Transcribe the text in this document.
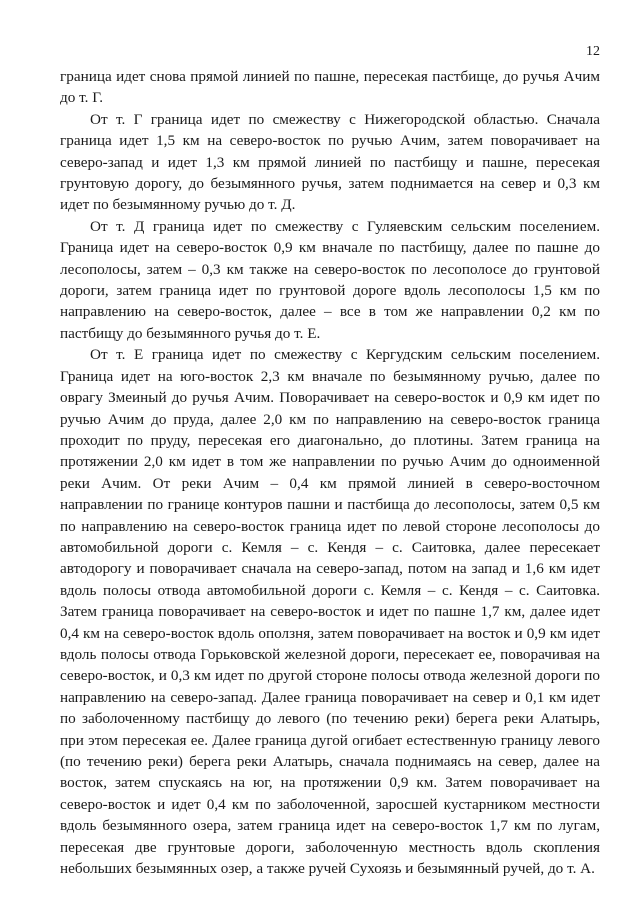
12

граница идет снова прямой линией по пашне, пересекая пастбище, до ручья Ачим до т. Г.

От т. Г граница идет по смежеству с Нижегородской областью. Сначала граница идет 1,5 км на северо-восток по ручью Ачим, затем поворачивает на северо-запад и идет 1,3 км прямой линией по пастбищу и пашне, пересекая грунтовую дорогу, до безымянного ручья, затем поднимается на север и 0,3 км идет по безымянному ручью до т. Д.

От т. Д граница идет по смежеству с Гуляевским сельским поселением. Граница идет на северо-восток 0,9 км вначале по пастбищу, далее по пашне до лесополосы, затем – 0,3 км также на северо-восток по лесополосе до грунтовой дороги, затем граница идет по грунтовой дороге вдоль лесополосы 1,5 км по направлению на северо-восток, далее – все в том же направлении 0,2 км по пастбищу до безымянного ручья до т. Е.

От т. Е граница идет по смежеству с Кергудским сельским поселением. Граница идет на юго-восток 2,3 км вначале по безымянному ручью, далее по оврагу Змеиный до ручья Ачим. Поворачивает на северо-восток и 0,9 км идет по ручью Ачим до пруда, далее 2,0 км по направлению на северо-восток граница проходит по пруду, пересекая его диагонально, до плотины. Затем граница на протяжении 2,0 км идет в том же направлении по ручью Ачим до одноименной реки Ачим. От реки Ачим – 0,4 км прямой линией в северо-восточном направлении по границе контуров пашни и пастбища до лесополосы, затем 0,5 км по направлению на северо-восток граница идет по левой стороне лесополосы до автомобильной дороги с. Кемля – с. Кендя – с. Саитовка, далее пересекает автодорогу и поворачивает сначала на северо-запад, потом на запад и 1,6 км идет вдоль полосы отвода автомобильной дороги с. Кемля – с. Кендя – с. Саитовка. Затем граница поворачивает на северо-восток и идет по пашне 1,7 км, далее идет 0,4 км на северо-восток вдоль оползня, затем поворачивает на восток и 0,9 км идет вдоль полосы отвода Горьковской железной дороги, пересекает ее, поворачивая на северо-восток, и 0,3 км идет по другой стороне полосы отвода железной дороги по направлению на северо-запад. Далее граница поворачивает на север и 0,1 км идет по заболоченному пастбищу до левого (по течению реки) берега реки Алатырь, при этом пересекая ее. Далее граница дугой огибает естественную границу левого (по течению реки) берега реки Алатырь, сначала поднимаясь на север, далее на восток, затем спускаясь на юг, на протяжении 0,9 км. Затем поворачивает на северо-восток и идет 0,4 км по заболоченной, заросшей кустарником местности вдоль безымянного озера, затем граница идет на северо-восток 1,7 км по лугам, пересекая две грунтовые дороги, заболоченную местность вдоль скопления небольших безымянных озер, а также ручей Сухоязь и безымянный ручей, до т. А.
